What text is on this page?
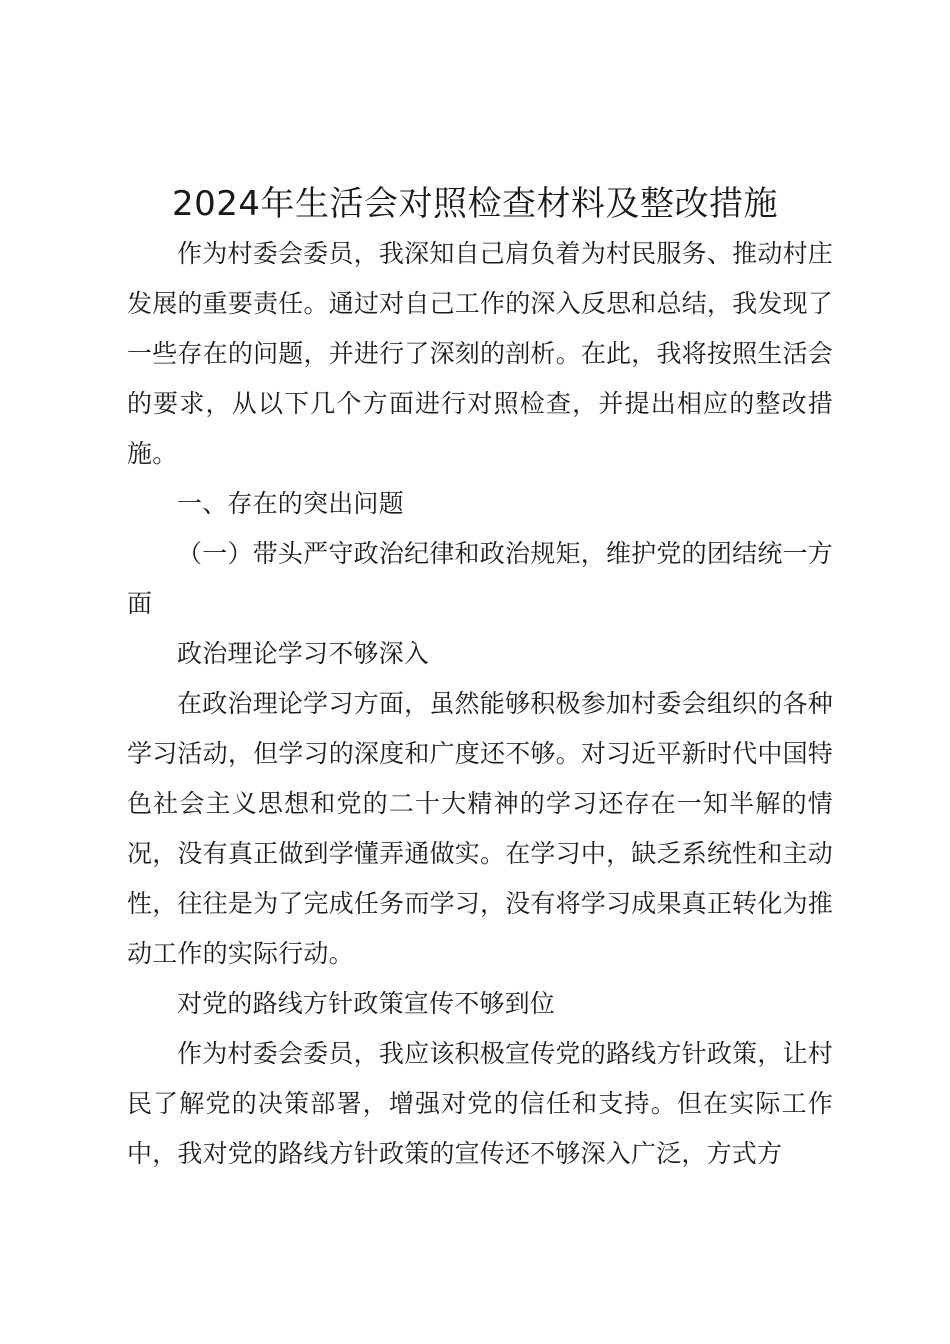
2024年生活会对照检查材料及整改措施

作为村委会委员，我深知自己肩负着为村民服务、推动村庄发展的重要责任。通过对自己工作的深入反思和总结，我发现了一些存在的问题，并进行了深刻的剖析。在此，我将按照生活会的要求，从以下几个方面进行对照检查，并提出相应的整改措施。

一、存在的突出问题

（一）带头严守政治纪律和政治规矩，维护党的团结统一方面

政治理论学习不够深入

在政治理论学习方面，虽然能够积极参加村委会组织的各种学习活动，但学习的深度和广度还不够。对习近平新时代中国特色社会主义思想和党的二十大精神的学习还存在一知半解的情况，没有真正做到学懂弄通做实。在学习中，缺乏系统性和主动性，往往是为了完成任务而学习，没有将学习成果真正转化为推动工作的实际行动。

对党的路线方针政策宣传不够到位

作为村委会委员，我应该积极宣传党的路线方针政策，让村民了解党的决策部署，增强对党的信任和支持。但在实际工作中，我对党的路线方针政策的宣传还不够深入广泛，方式方
